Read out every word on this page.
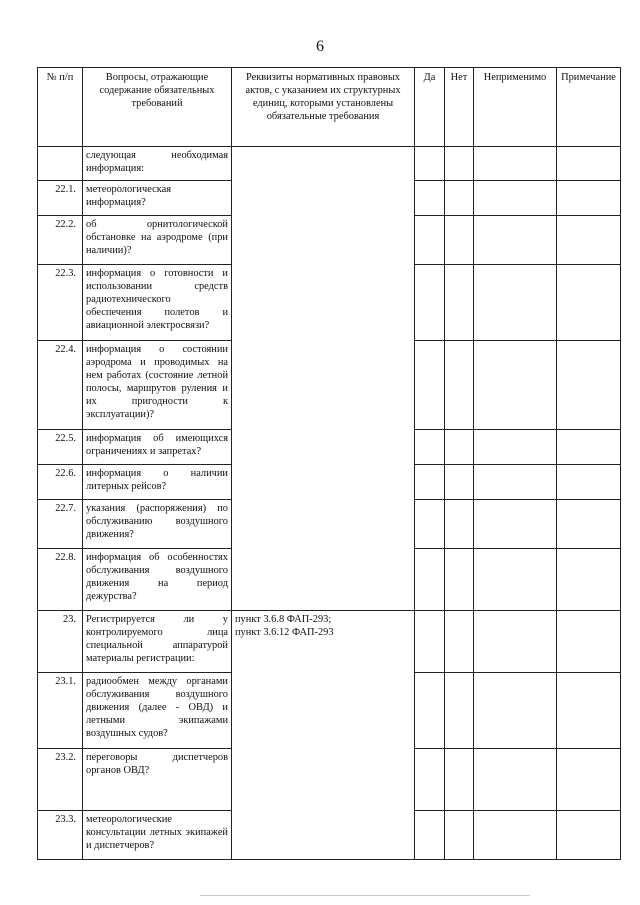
6
№ п/п	Вопросы, отражающие содержание обязательных требований	Реквизиты нормативных правовых актов, с указанием их структурных единиц, которыми установлены обязательные требования	Да	Нет	Неприменимо	Примечание
	следующая необходимая информация:					
22.1.	метеорологическая информация?					
22.2.	об орнитологической обстановке на аэродроме (при наличии)?					
22.3.	информация о готовности и использовании средств радиотехнического обеспечения полетов и авиационной электросвязи?					
22.4.	информация о состоянии аэродрома и проводимых на нем работах (состояние летной полосы, маршрутов руления и их пригодности к эксплуатации)?					
22.5.	информация об имеющихся ограничениях и запретах?					
22.6.	информация о наличии литерных рейсов?					
22.7.	указания (распоряжения) по обслуживанию воздушного движения?					
22.8.	информация об особенностях обслуживания воздушного движения на период дежурства?					
23.	Регистрируется ли у контролируемого лица специальной аппаратурой материалы регистрации:	пункт 3.6.8 ФАП-293;
пункт 3.6.12 ФАП-293				
23.1.	радиообмен между органами обслуживания воздушного движения (далее - ОВД) и летными экипажами воздушных судов?					
23.2.	переговоры диспетчеров органов ОВД?					
23.3.	метеорологические консультации летных экипажей и диспетчеров?					
